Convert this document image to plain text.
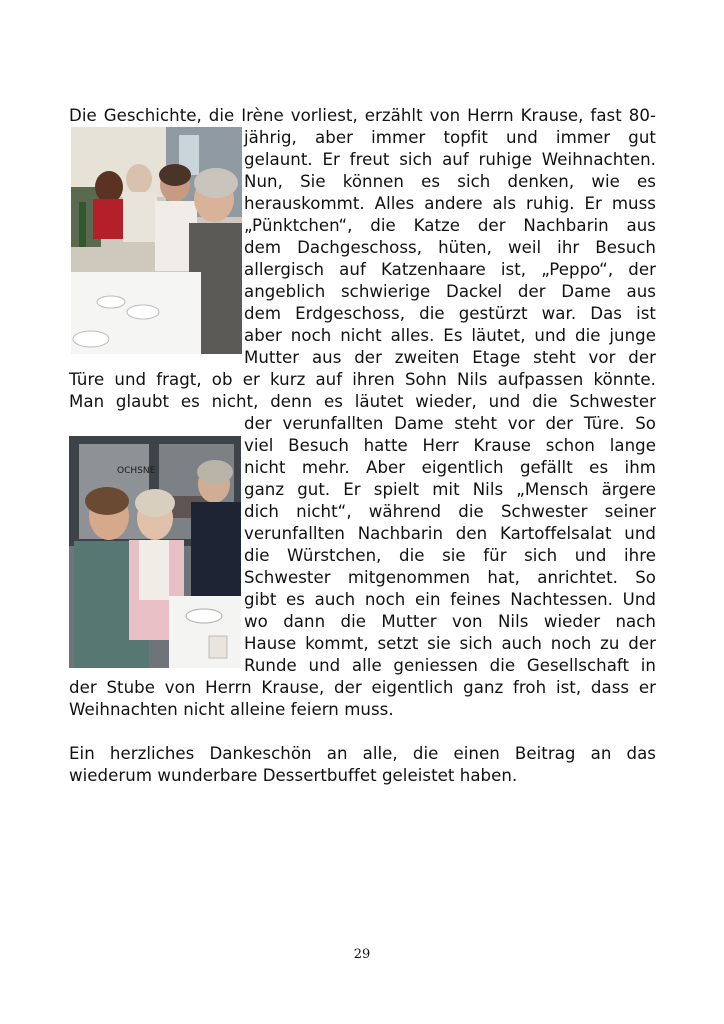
OCHSNE
Die Geschichte, die Irène vorliest, erzählt von Herrn Krause, fast 80-
jährig, aber immer topfit und immer gut
gelaunt. Er freut sich auf ruhige Weihnachten.
Nun, Sie können es sich denken, wie es
herauskommt. Alles andere als ruhig. Er muss
„Pünktchen“, die Katze der Nachbarin aus
dem Dachgeschoss, hüten, weil ihr Besuch
allergisch auf Katzenhaare ist, „Peppo“, der
angeblich schwierige Dackel der Dame aus
dem Erdgeschoss, die gestürzt war. Das ist
aber noch nicht alles. Es läutet, und die junge
Mutter aus der zweiten Etage steht vor der
Türe und fragt, ob er kurz auf ihren Sohn Nils aufpassen könnte.
Man glaubt es nicht, denn es läutet wieder, und die Schwester
der verunfallten Dame steht vor der Türe. So
viel Besuch hatte Herr Krause schon lange
nicht mehr. Aber eigentlich gefällt es ihm
ganz gut. Er spielt mit Nils „Mensch ärgere
dich nicht“, während die Schwester seiner
verunfallten Nachbarin den Kartoffelsalat und
die Würstchen, die sie für sich und ihre
Schwester mitgenommen hat, anrichtet. So
gibt es auch noch ein feines Nachtessen. Und
wo dann die Mutter von Nils wieder nach
Hause kommt, setzt sie sich auch noch zu der
Runde und alle geniessen die Gesellschaft in
der Stube von Herrn Krause, der eigentlich ganz froh ist, dass er
Weihnachten nicht alleine feiern muss.
Ein herzliches Dankeschön an alle, die einen Beitrag an das
wiederum wunderbare Dessertbuffet geleistet haben.
29
